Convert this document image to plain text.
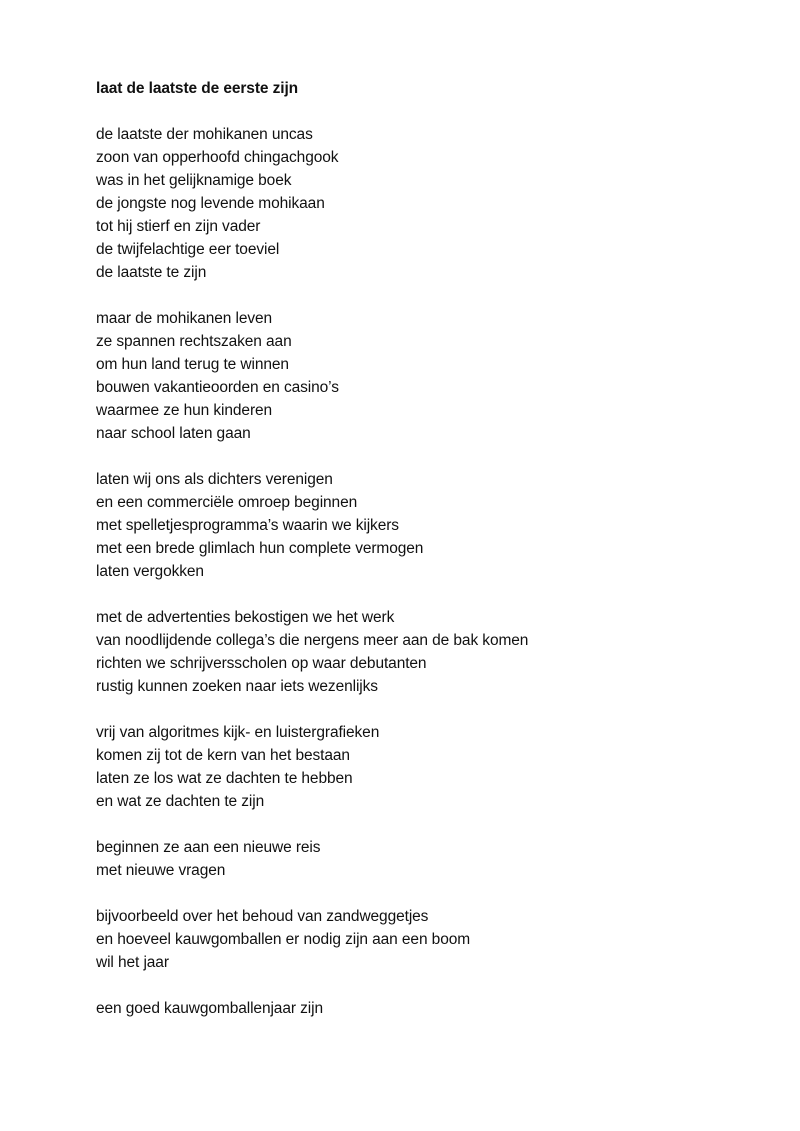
laat de laatste de eerste zijn
de laatste der mohikanen uncas
zoon van opperhoofd chingachgook
was in het gelijknamige boek
de jongste nog levende mohikaan
tot hij stierf en zijn vader
de twijfelachtige eer toeviel
de laatste te zijn
maar de mohikanen leven
ze spannen rechtszaken aan
om hun land terug te winnen
bouwen vakantieoorden en casino’s
waarmee ze hun kinderen
naar school laten gaan
laten wij ons als dichters verenigen
en een commerciële omroep beginnen
met spelletjesprogramma’s waarin we kijkers
met een brede glimlach hun complete vermogen
laten vergokken
met de advertenties bekostigen we het werk
van noodlijdende collega’s die nergens meer aan de bak komen
richten we schrijversscholen op waar debutanten
rustig kunnen zoeken naar iets wezenlijks
vrij van algoritmes kijk- en luistergrafieken
komen zij tot de kern van het bestaan
laten ze los wat ze dachten te hebben
en wat ze dachten te zijn
beginnen ze aan een nieuwe reis
met nieuwe vragen
bijvoorbeeld over het behoud van zandweggetjes
en hoeveel kauwgomballen er nodig zijn aan een boom
wil het jaar
een goed kauwgomballenjaar zijn
